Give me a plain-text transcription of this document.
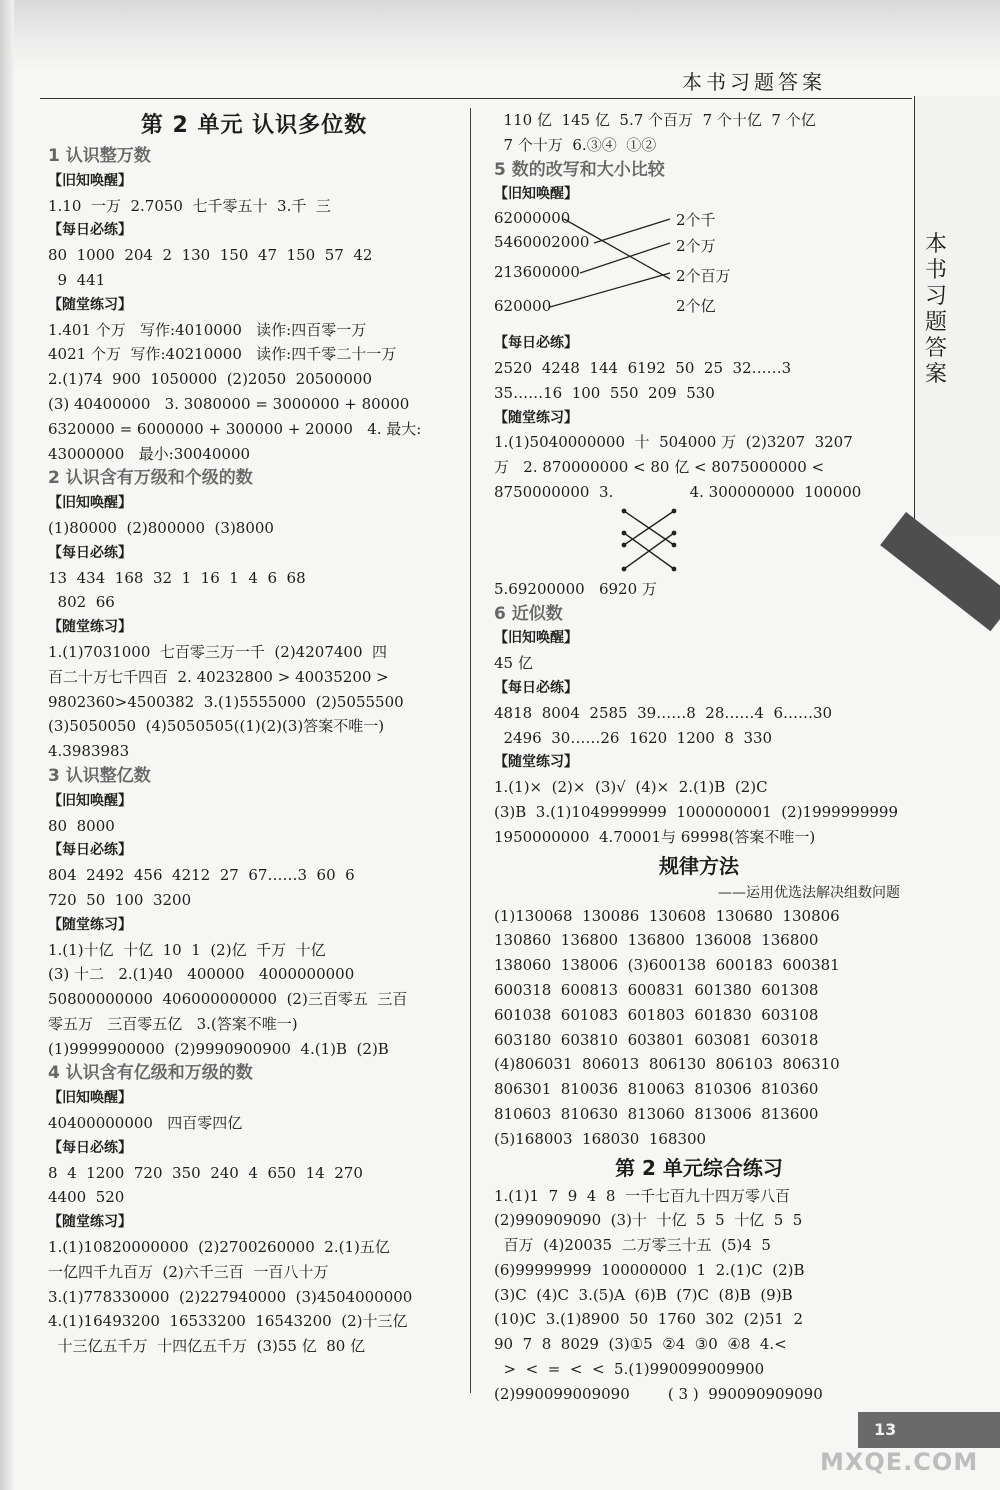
本书习题答案
本书习题答案
第 2 单元 认识多位数
1 认识整万数
【旧知唤醒】
1.10  一万  2.7050  七千零五十  3.千  三
【每日必练】
80  1000  204  2  130  150  47  150  57  42
9  441
【随堂练习】
1.401 个万   写作:4010000   读作:四百零一万
4021 个万  写作:40210000   读作:四千零二十一万
2.(1)74  900  1050000  (2)2050  20500000
(3) 40400000   3. 3080000 = 3000000 + 80000
6320000 = 6000000 + 300000 + 20000   4. 最大:
43000000   最小:30040000
2 认识含有万级和个级的数
【旧知唤醒】
(1)80000  (2)800000  (3)8000
【每日必练】
13  434  168  32  1  16  1  4  6  68
802  66
【随堂练习】
1.(1)7031000  七百零三万一千  (2)4207400  四
百二十万七千四百  2. 40232800 > 40035200 >
9802360>4500382  3.(1)5555000  (2)5055500
(3)5050050  (4)5050505((1)(2)(3)答案不唯一)
4.3983983
3 认识整亿数
【旧知唤醒】
80  8000
【每日必练】
804  2492  456  4212  27  67……3  60  6
720  50  100  3200
【随堂练习】
1.(1)十亿  十亿  10  1  (2)亿  千万  十亿
(3) 十二   2.(1)40   400000   4000000000
50800000000  406000000000  (2)三百零五  三百
零五万   三百零五亿   3.(答案不唯一)
(1)9999900000  (2)9990900900  4.(1)B  (2)B
4 认识含有亿级和万级的数
【旧知唤醒】
40400000000   四百零四亿
【每日必练】
8  4  1200  720  350  240  4  650  14  270
4400  520
【随堂练习】
1.(1)10820000000  (2)2700260000  2.(1)五亿
一亿四千九百万  (2)六千三百  一百八十万
3.(1)778330000  (2)227940000  (3)4504000000
4.(1)16493200  16533200  16543200  (2)十三亿
十三亿五千万  十四亿五千万  (3)55 亿  80 亿
110 亿  145 亿  5.7 个百万  7 个十亿  7 个亿
7 个十万  6.③④  ①②
5 数的改写和大小比较
【旧知唤醒】
62000000
5460002000
213600000
620000
2个千
2个万
2个百万
2个亿
【每日必练】
2520  4248  144  6192  50  25  32……3
35……16  100  550  209  530
【随堂练习】
1.(1)5040000000  十  504000 万  (2)3207  3207
万   2. 870000000 < 80 亿 < 8075000000 <
8750000000  3.                4. 300000000  100000
5.69200000   6920 万
6 近似数
【旧知唤醒】
45 亿
【每日必练】
4818  8004  2585  39……8  28……4  6……30
2496  30……26  1620  1200  8  330
【随堂练习】
1.(1)×  (2)×  (3)√  (4)×  2.(1)B  (2)C
(3)B  3.(1)1049999999  1000000001  (2)1999999999
1950000000  4.70001与 69998(答案不唯一)
规律方法
——运用优选法解决组数问题
(1)130068  130086  130608  130680  130806
130860  136800  136800  136008  136800
138060  138006  (3)600138  600183  600381
600318  600813  600831  601380  601308
601038  601083  601803  601830  603108
603180  603810  603801  603081  603018
(4)806031  806013  806130  806103  806310
806301  810036  810063  810306  810360
810603  810630  813060  813006  813600
(5)168003  168030  168300
第 2 单元综合练习
1.(1)1  7  9  4  8  一千七百九十四万零八百
(2)990909090  (3)十  十亿  5  5  十亿  5  5
百万  (4)20035  二万零三十五  (5)4  5
(6)99999999  100000000  1  2.(1)C  (2)B
(3)C  (4)C  3.(5)A  (6)B  (7)C  (8)B  (9)B
(10)C  3.(1)8900  50  1760  302  (2)51  2
90  7  8  8029  (3)①5  ②4  ③0  ④8  4.<
>  <  =  <  <  5.(1)990099009900
(2)990099009090        ( 3 )  990090909090
13
MXQE.COM
